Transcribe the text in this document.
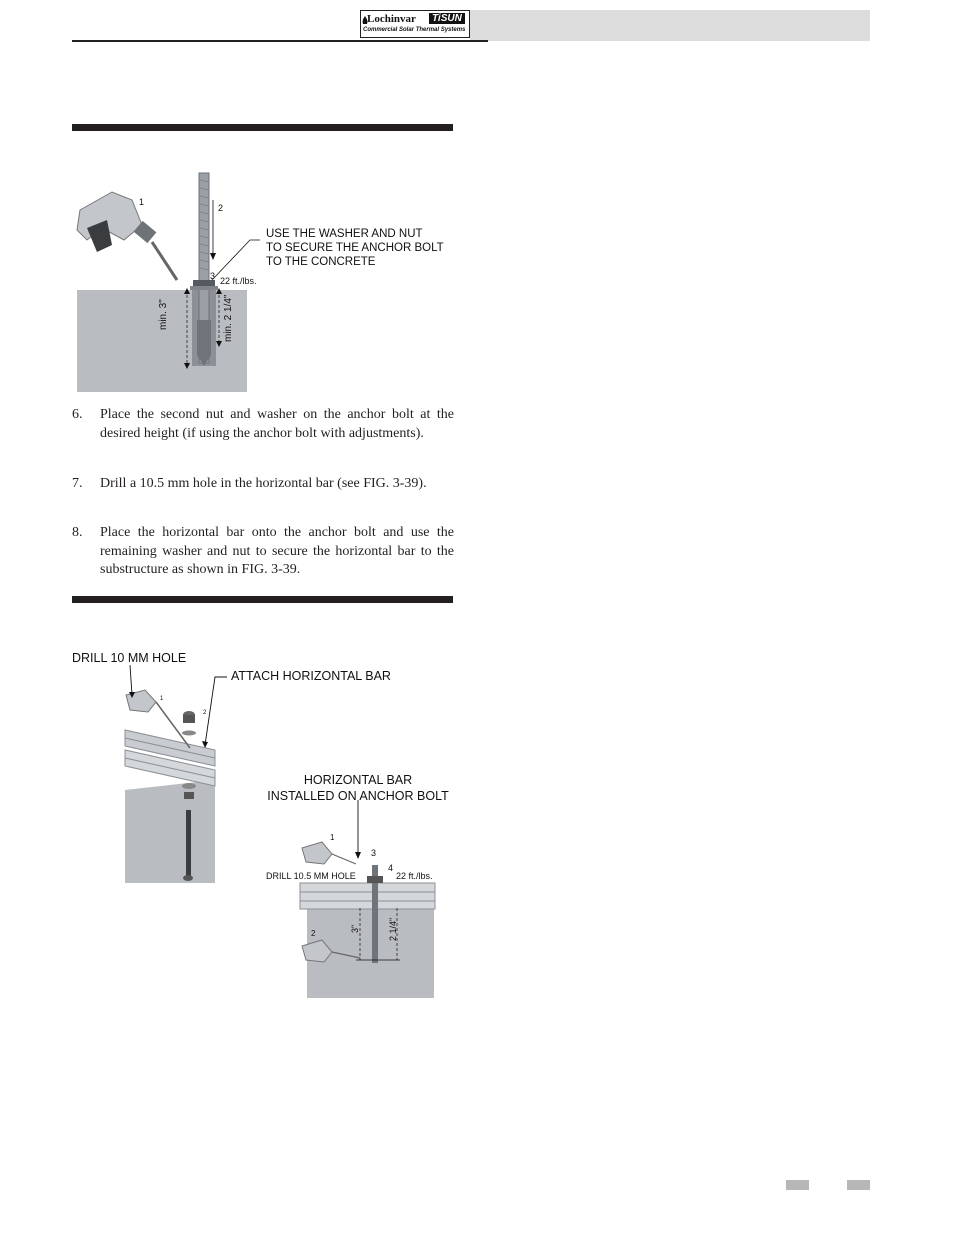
Lochinvar	TiSUN
Commercial Solar Thermal Systems
1
2
3 22 ft./lbs.
USE THE WASHER AND NUT
TO SECURE THE ANCHOR BOLT
TO THE CONCRETE
min. 3"	min. 2 1/4"
6. Place the second nut and washer on the anchor bolt at the desired height (if using the anchor bolt with adjustments).
7. Drill a 10.5 mm hole in the horizontal bar (see FIG. 3-39).
8. Place the horizontal bar onto the anchor bolt and use the remaining washer and nut to secure the horizontal bar to the substructure as shown in FIG. 3-39.
DRILL 10 MM HOLE
ATTACH HORIZONTAL BAR
1
2
HORIZONTAL BAR
INSTALLED ON ANCHOR BOLT
DRILL 10.5 MM HOLE	22 ft./lbs.
1
2
3
4
3"	2 1/4"
